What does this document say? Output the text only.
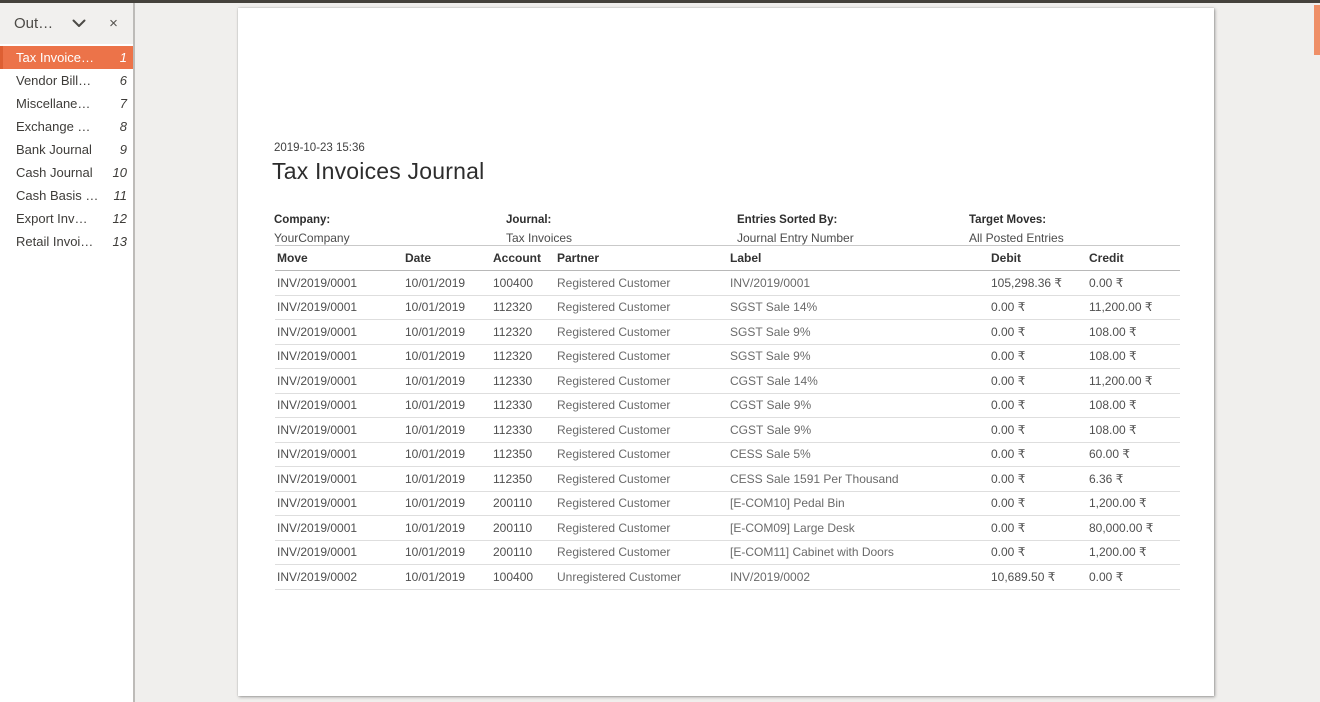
Out…	×
Tax Invoice…	1
Vendor Bill…	6
Miscellane…	7
Exchange …	8
Bank Journal	9
Cash Journal	10
Cash Basis …	11
Export Inv…	12
Retail Invoi…	13
2019-10-23 15:36
Tax Invoices Journal
Company:
YourCompany
Journal:
Tax Invoices
Entries Sorted By:
Journal Entry Number
Target Moves:
All Posted Entries
Move	Date	Account	Partner	Label	Debit	Credit
INV/2019/0001	10/01/2019	100400	Registered Customer	INV/2019/0001	105,298.36 ₹	0.00 ₹
INV/2019/0001	10/01/2019	112320	Registered Customer	SGST Sale 14%	0.00 ₹	11,200.00 ₹
INV/2019/0001	10/01/2019	112320	Registered Customer	SGST Sale 9%	0.00 ₹	108.00 ₹
INV/2019/0001	10/01/2019	112320	Registered Customer	SGST Sale 9%	0.00 ₹	108.00 ₹
INV/2019/0001	10/01/2019	112330	Registered Customer	CGST Sale 14%	0.00 ₹	11,200.00 ₹
INV/2019/0001	10/01/2019	112330	Registered Customer	CGST Sale 9%	0.00 ₹	108.00 ₹
INV/2019/0001	10/01/2019	112330	Registered Customer	CGST Sale 9%	0.00 ₹	108.00 ₹
INV/2019/0001	10/01/2019	112350	Registered Customer	CESS Sale 5%	0.00 ₹	60.00 ₹
INV/2019/0001	10/01/2019	112350	Registered Customer	CESS Sale 1591 Per Thousand	0.00 ₹	6.36 ₹
INV/2019/0001	10/01/2019	200110	Registered Customer	[E-COM10] Pedal Bin	0.00 ₹	1,200.00 ₹
INV/2019/0001	10/01/2019	200110	Registered Customer	[E-COM09] Large Desk	0.00 ₹	80,000.00 ₹
INV/2019/0001	10/01/2019	200110	Registered Customer	[E-COM11] Cabinet with Doors	0.00 ₹	1,200.00 ₹
INV/2019/0002	10/01/2019	100400	Unregistered Customer	INV/2019/0002	10,689.50 ₹	0.00 ₹
